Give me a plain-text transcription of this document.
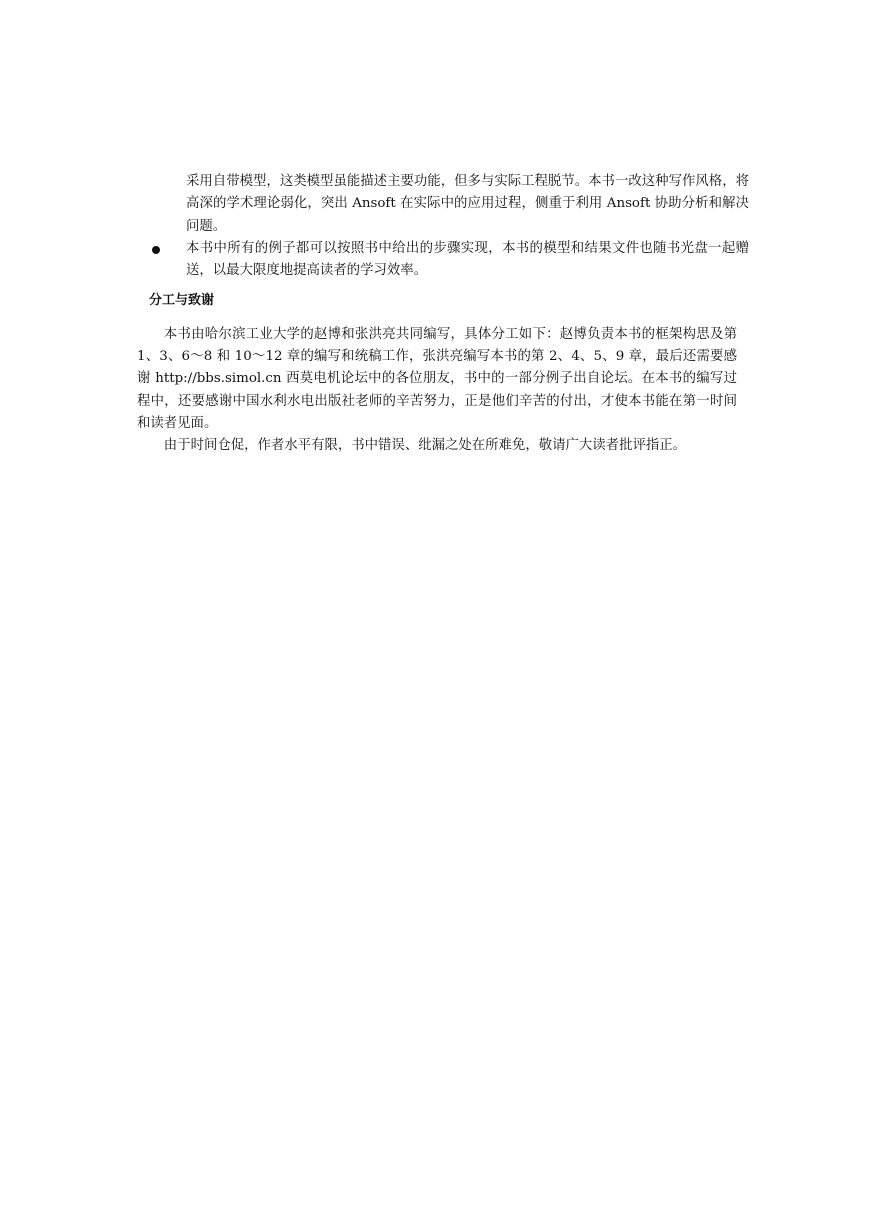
采用自带模型，这类模型虽能描述主要功能，但多与实际工程脱节。本书一改这种写作风格，将高深的学术理论弱化，突出 Ansoft 在实际中的应用过程，侧重于利用 Ansoft 协助分析和解决问题。

本书中所有的例子都可以按照书中给出的步骤实现，本书的模型和结果文件也随书光盘一起赠送，以最大限度地提高读者的学习效率。

分工与致谢

本书由哈尔滨工业大学的赵博和张洪亮共同编写，具体分工如下：赵博负责本书的框架构思及第 1、3、6～8 和 10～12 章的编写和统稿工作，张洪亮编写本书的第 2、4、5、9 章，最后还需要感谢 http://bbs.simol.cn 西莫电机论坛中的各位朋友，书中的一部分例子出自论坛。在本书的编写过程中，还要感谢中国水利水电出版社老师的辛苦努力，正是他们辛苦的付出，才使本书能在第一时间和读者见面。

由于时间仓促，作者水平有限，书中错误、纰漏之处在所难免，敬请广大读者批评指正。
